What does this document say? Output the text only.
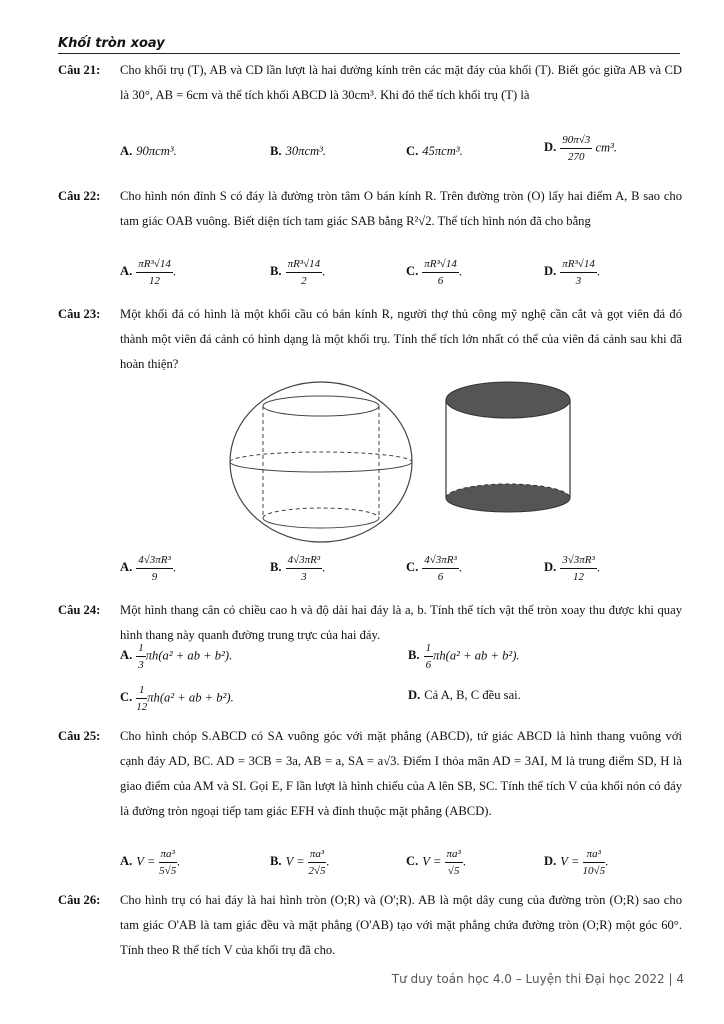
Khối tròn xoay
Câu 21: Cho khối trụ (T), AB và CD lần lượt là hai đường kính trên các mặt đáy của khối (T). Biết góc giữa AB và CD là 30°, AB = 6cm và thể tích khối ABCD là 30cm³. Khi đó thể tích khối trụ (T) là
A. 90πcm³.	B. 30πcm³.	C. 45πcm³.	D. $\frac{90\pi√3}{270} cm^3$.
Câu 22: Cho hình nón đỉnh S có đáy là đường tròn tâm O bán kính R. Trên đường tròn (O) lấy hai điểm A, B sao cho tam giác OAB vuông. Biết diện tích tam giác SAB bằng R²√2. Thể tích hình nón đã cho bằng
A. $\frac{\text{πR³√14}}{12}$ .	B. $\frac{\text{πR³√14}}{2}$ .	C. $\frac{\text{πR³√14}}{6}$ .	D. $\frac{\text{πR³√14}}{3}$ .
Câu 23: Một khối đá có hình là một khối cầu có bán kính R, người thợ thủ công mỹ nghệ cần cắt và gọt viên đá đó thành một viên đá cảnh có hình dạng là một khối trụ. Tính thể tích lớn nhất có thể của viên đá cảnh sau khi đã hoàn thiện?
A. $\frac{\text{4√3πR³}}{9}$ .	B. $\frac{\text{4√3πR³}}{3}$ .	C. $\frac{\text{4√3πR³}}{6}$ .	D. $\frac{\text{3√3πR³}}{12}$ .
Câu 24: Một hình thang cân có chiều cao h và độ dài hai đáy là a, b. Tính thể tích vật thể tròn xoay thu được khi quay hình thang này quanh đường trung trực của hai đáy.
A. $\frac{1}{3} \pi h(a^2$ + ab + b²).	B. $\frac{1}{6} \pi h(a^2$ + ab + b²).
C. $\frac{1}{12} \pi h(a^2$ + ab + b²).	D. Cả A, B, C đều sai.
Câu 25: Cho hình chóp S.ABCD có SA vuông góc với mặt phẳng (ABCD), tứ giác ABCD là hình thang vuông với cạnh đáy AD, BC. AD = 3CB = 3a, AB = a, SA = a√3. Điểm I thỏa mãn AD = 3AI, M là trung điểm SD, H là giao điểm của AM và SI. Gọi E, F lần lượt là hình chiếu của A lên SB, SC. Tính thể tích V của khối nón có đáy là đường tròn ngoại tiếp tam giác EFH và đỉnh thuộc mặt phẳng (ABCD).
A. $V = \frac{\text{πa³}}{5√5}$ .	B. $V = \frac{\text{πa³}}{2√5}$ .	C. $V = \frac{\text{πa³}}{√5}$ .	D. $V = \frac{\text{πa³}}{10√5}$ .
Câu 26: Cho hình trụ có hai đáy là hai hình tròn (O;R) và (O';R). AB là một dây cung của đường tròn (O;R) sao cho tam giác O'AB là tam giác đều và mặt phẳng (O'AB) tạo với mặt phẳng chứa đường tròn (O;R) một góc 60°. Tính theo R thể tích V của khối trụ đã cho.
Tư duy toán học 4.0 – Luyện thi Đại học 2022 | 4
